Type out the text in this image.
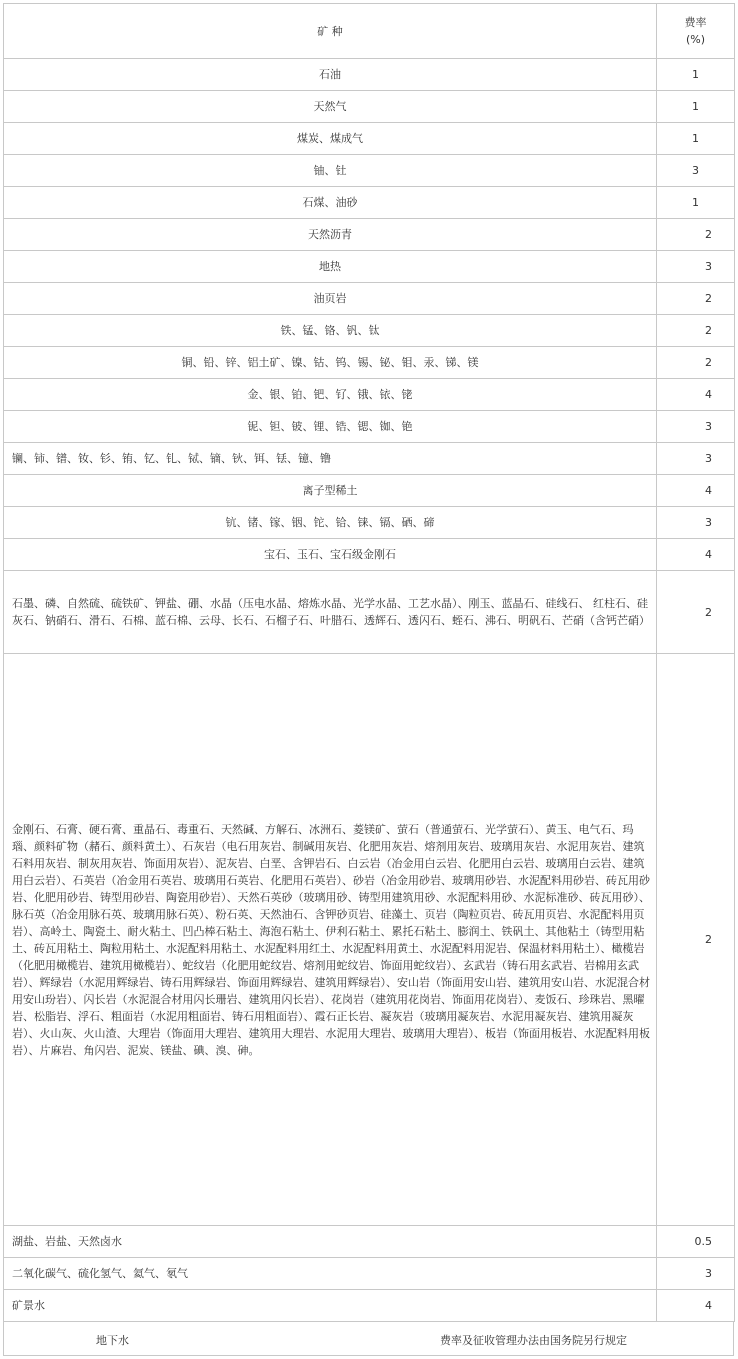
矿 种	费率
(%)
石油	1
天然气	1
煤炭、煤成气	1
铀、钍	3
石煤、油砂	1
天然沥青	2
地热	3
油页岩	2
铁、锰、铬、钒、钛	2
铜、铅、锌、铝土矿、镍、钴、钨、锡、铋、钼、汞、锑、镁	2
金、银、铂、钯、钌、锇、铱、铑	4
铌、钽、铍、锂、锆、锶、铷、铯	3
镧、铈、镨、钕、钐、铕、钇、钆、铽、镝、钬、铒、铥、镱、镥	3
离子型稀土	4
钪、锗、镓、铟、铊、铪、铼、镉、硒、碲	3
宝石、玉石、宝石级金刚石	4
石墨、磷、自然硫、硫铁矿、钾盐、硼、水晶（压电水晶、熔炼水晶、光学水晶、工艺水晶）、刚玉、蓝晶石、硅线石、 红柱石、硅灰石、钠硝石、滑石、石棉、蓝石棉、云母、长石、石榴子石、叶腊石、透辉石、透闪石、蛭石、沸石、明矾石、芒硝（含钙芒硝）	2
金刚石、石膏、硬石膏、重晶石、毒重石、天然碱、方解石、冰洲石、菱镁矿、萤石（普通萤石、光学萤石）、黄玉、电气石、玛瑙、颜料矿物（赭石、颜料黄土）、石灰岩（电石用灰岩、制碱用灰岩、化肥用灰岩、熔剂用灰岩、玻璃用灰岩、水泥用灰岩、建筑石料用灰岩、制灰用灰岩、饰面用灰岩）、泥灰岩、白垩、含钾岩石、白云岩（冶金用白云岩、化肥用白云岩、玻璃用白云岩、建筑用白云岩）、石英岩（冶金用石英岩、玻璃用石英岩、化肥用石英岩）、砂岩（冶金用砂岩、玻璃用砂岩、水泥配料用砂岩、砖瓦用砂岩、化肥用砂岩、铸型用砂岩、陶瓷用砂岩）、天然石英砂（玻璃用砂、铸型用建筑用砂、水泥配料用砂、水泥标准砂、砖瓦用砂）、脉石英（冶金用脉石英、玻璃用脉石英）、粉石英、天然油石、含钾砂页岩、硅藻土、页岩（陶粒页岩、砖瓦用页岩、水泥配料用页岩）、高岭土、陶瓷土、耐火粘土、凹凸棒石粘土、海泡石粘土、伊利石粘土、累托石粘土、膨润土、铁矾土、其他粘土（铸型用粘土、砖瓦用粘土、陶粒用粘土、水泥配料用粘土、水泥配料用红土、水泥配料用黄土、水泥配料用泥岩、保温材料用粘土）、橄榄岩（化肥用橄榄岩、建筑用橄榄岩）、蛇纹岩（化肥用蛇纹岩、熔剂用蛇纹岩、饰面用蛇纹岩）、玄武岩（铸石用玄武岩、岩棉用玄武岩）、辉绿岩（水泥用辉绿岩、铸石用辉绿岩、饰面用辉绿岩、建筑用辉绿岩）、安山岩（饰面用安山岩、建筑用安山岩、水泥混合材用安山玢岩）、闪长岩（水泥混合材用闪长珊岩、建筑用闪长岩）、花岗岩（建筑用花岗岩、饰面用花岗岩）、麦饭石、珍珠岩、黑曜岩、松脂岩、浮石、粗面岩（水泥用粗面岩、铸石用粗面岩）、霞石正长岩、凝灰岩（玻璃用凝灰岩、水泥用凝灰岩、建筑用凝灰岩）、火山灰、火山渣、大理岩（饰面用大理岩、建筑用大理岩、水泥用大理岩、玻璃用大理岩）、板岩（饰面用板岩、水泥配料用板岩）、片麻岩、角闪岩、泥炭、镁盐、碘、溴、砷。	2
湖盐、岩盐、天然卤水	0.5
二氧化碳气、硫化氢气、氦气、氡气	3
矿景水	4
地下水	费率及征收管理办法由国务院另行规定
